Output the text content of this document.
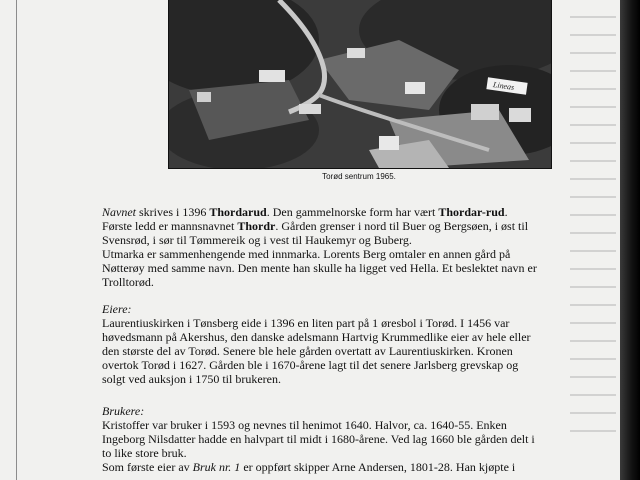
Lineas
Torød sentrum 1965.

Navnet skrives i 1396 Thordarud. Den gammelnorske form har vært Thordar-rud.

Første ledd er mannsnavnet Thordr. Gården grenser i nord til Buer og Bergsøen, i øst til

Svensrød, i sør til Tømmereik og i vest til Haukemyr og Buberg.

Utmarka er sammenhengende med innmarka. Lorents Berg omtaler en annen gård på

Nøtterøy med samme navn. Den mente han skulle ha ligget ved Hella. Et beslektet navn er

Trolltorød.

Eiere:

Laurentiuskirken i Tønsberg eide i 1396 en liten part på 1 øresbol i Torød. I 1456 var

høvedsmann på Akershus, den danske adelsmann Hartvig Krummedlike eier av hele eller

den største del av Torød. Senere ble hele gården overtatt av Laurentiuskirken. Kronen

overtok Torød i 1627. Gården ble i 1670-årene lagt til det senere Jarlsberg grevskap og

solgt ved auksjon i 1750 til brukeren.

Brukere:

Kristoffer var bruker i 1593 og nevnes til henimot 1640. Halvor, ca. 1640-55. Enken

Ingeborg Nilsdatter hadde en halvpart til midt i 1680-årene. Ved lag 1660 ble gården delt i

to like store bruk.

Som første eier av Bruk nr. 1 er oppført skipper Arne Andersen, 1801-28. Han kjøpte i
